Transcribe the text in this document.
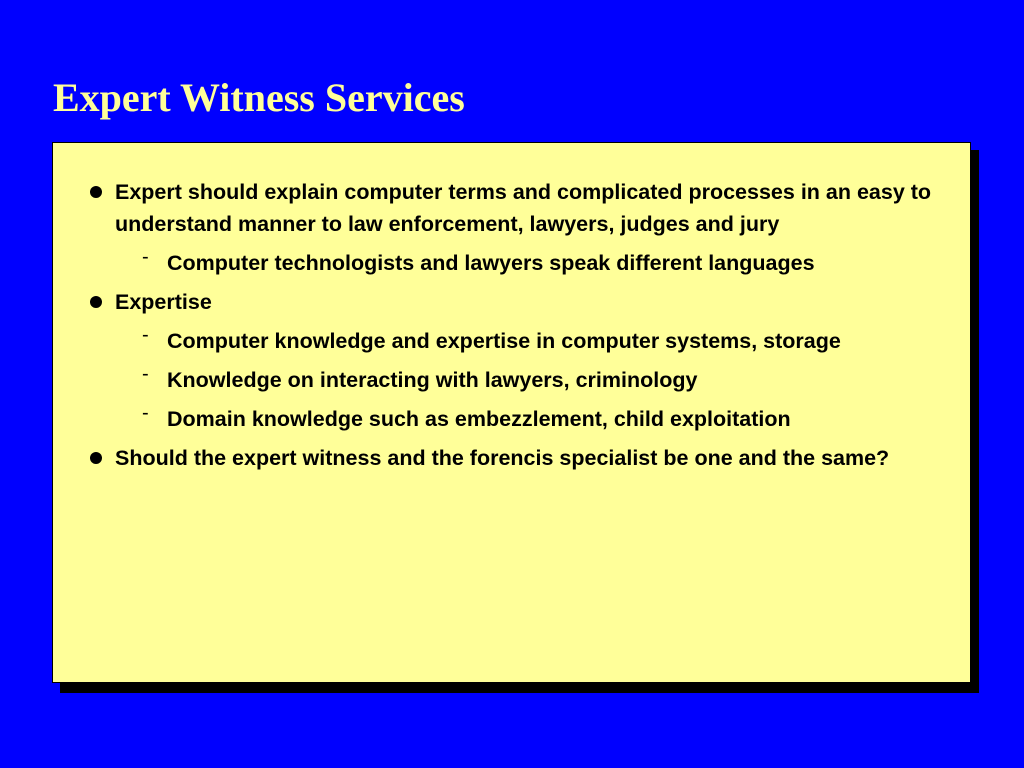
Expert Witness Services
Expert should explain computer terms and complicated processes in an easy to understand manner to law enforcement, lawyers, judges and jury
- Computer technologists and lawyers speak different languages
Expertise
- Computer knowledge and expertise in computer systems, storage
- Knowledge on interacting with lawyers, criminology
- Domain knowledge such as embezzlement, child exploitation
Should the expert witness and the forencis specialist be one and the same?
